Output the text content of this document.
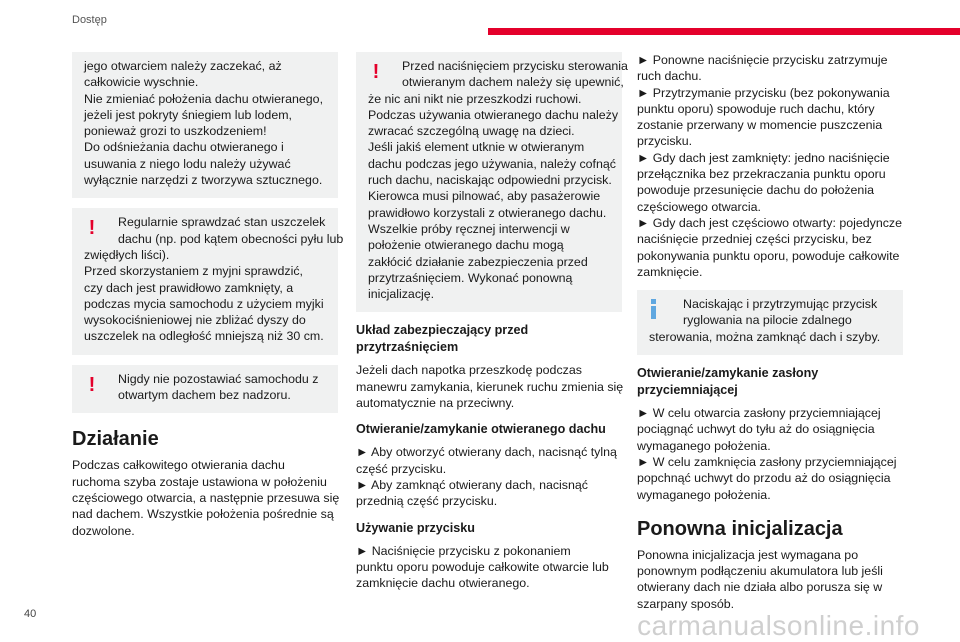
Dostęp
jego otwarciem należy zaczekać, aż
całkowicie wyschnie.
Nie zmieniać położenia dachu otwieranego,
jeżeli jest pokryty śniegiem lub lodem,
ponieważ grozi to uszkodzeniem!
Do odśnieżania dachu otwieranego i
usuwania z niego lodu należy używać
wyłącznie narzędzi z tworzywa sztucznego.
!	Regularnie sprawdzać stan uszczelek
dachu (np. pod kątem obecności pyłu lub
zwiędłych liści).
Przed skorzystaniem z myjni sprawdzić,
czy dach jest prawidłowo zamknięty, a
podczas mycia samochodu z użyciem myjki
wysokociśnieniowej nie zbliżać dyszy do
uszczelek na odległość mniejszą niż 30 cm.
!	Nigdy nie pozostawiać samochodu z
otwartym dachem bez nadzoru.
Działanie
Podczas całkowitego otwierania dachu
ruchoma szyba zostaje ustawiona w położeniu
częściowego otwarcia, a następnie przesuwa się
nad dachem. Wszystkie położenia pośrednie są
dozwolone.
!	Przed naciśnięciem przycisku sterowania
otwieranym dachem należy się upewnić,
że nic ani nikt nie przeszkodzi ruchowi.
Podczas używania otwieranego dachu należy
zwracać szczególną uwagę na dzieci.
Jeśli jakiś element utknie w otwieranym
dachu podczas jego używania, należy cofnąć
ruch dachu, naciskając odpowiedni przycisk.
Kierowca musi pilnować, aby pasażerowie
prawidłowo korzystali z otwieranego dachu.
Wszelkie próby ręcznej interwencji w
położenie otwieranego dachu mogą
zakłócić działanie zabezpieczenia przed
przytrzaśnięciem. Wykonać ponowną
inicjalizację.
Układ zabezpieczający przed
przytrzaśnięciem
Jeżeli dach napotka przeszkodę podczas
manewru zamykania, kierunek ruchu zmienia się
automatycznie na przeciwny.
Otwieranie/zamykanie otwieranego dachu
► Aby otworzyć otwierany dach, nacisnąć tylną
część przycisku.
► Aby zamknąć otwierany dach, nacisnąć
przednią część przycisku.
Używanie przycisku
► Naciśnięcie przycisku z pokonaniem
punktu oporu powoduje całkowite otwarcie lub
zamknięcie dachu otwieranego.
► Ponowne naciśnięcie przycisku zatrzymuje
ruch dachu.
► Przytrzymanie przycisku (bez pokonywania
punktu oporu) spowoduje ruch dachu, który
zostanie przerwany w momencie puszczenia
przycisku.
► Gdy dach jest zamknięty: jedno naciśnięcie
przełącznika bez przekraczania punktu oporu
powoduje przesunięcie dachu do położenia
częściowego otwarcia.
► Gdy dach jest częściowo otwarty: pojedyncze
naciśnięcie przedniej części przycisku, bez
pokonywania punktu oporu, powoduje całkowite
zamknięcie.
Naciskając i przytrzymując przycisk
ryglowania na pilocie zdalnego
sterowania, można zamknąć dach i szyby.
Otwieranie/zamykanie zasłony
przyciemniającej
► W celu otwarcia zasłony przyciemniającej
pociągnąć uchwyt do tyłu aż do osiągnięcia
wymaganego położenia.
► W celu zamknięcia zasłony przyciemniającej
popchnąć uchwyt do przodu aż do osiągnięcia
wymaganego położenia.
Ponowna inicjalizacja
Ponowna inicjalizacja jest wymagana po
ponownym podłączeniu akumulatora lub jeśli
otwierany dach nie działa albo porusza się w
szarpany sposób.
40	carmanualsonline.info
